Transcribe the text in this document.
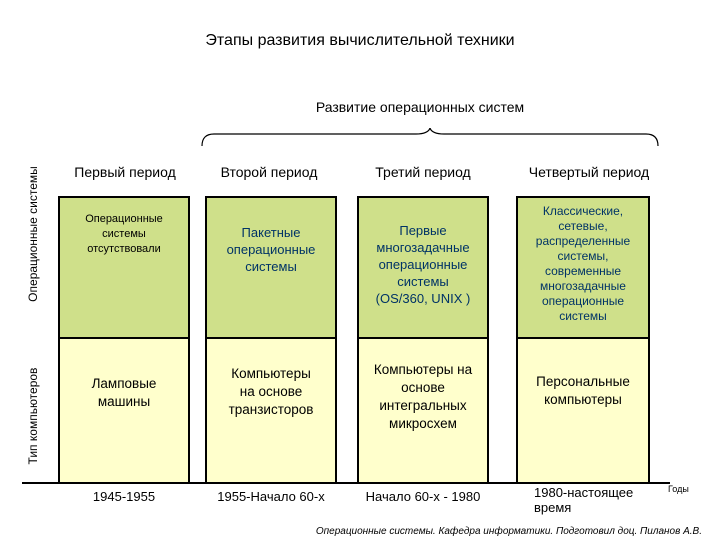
Этапы развития вычислительной техники
Развитие операционных систем
Операционные системы
Тип компьютеров
Годы
Первый период
Операционные
системы
отсутствовали
Ламповые
машины
1945-1955
Второй период
Пакетные
операционные
системы
Компьютеры
на основе
транзисторов
1955-Начало 60-х
Третий период
Первые
многозадачные
операционные
системы
(OS/360, UNIX )
Компьютеры на
основе
интегральных
микросхем
Начало 60-х - 1980
Четвертый период
Классические,
сетевые,
распределенные
системы,
современные
многозадачные
операционные
системы
Персональные
компьютеры
1980-настоящее
время
Операционные системы. Кафедра информатики. Подготовил доц. Пиланов А.В.
